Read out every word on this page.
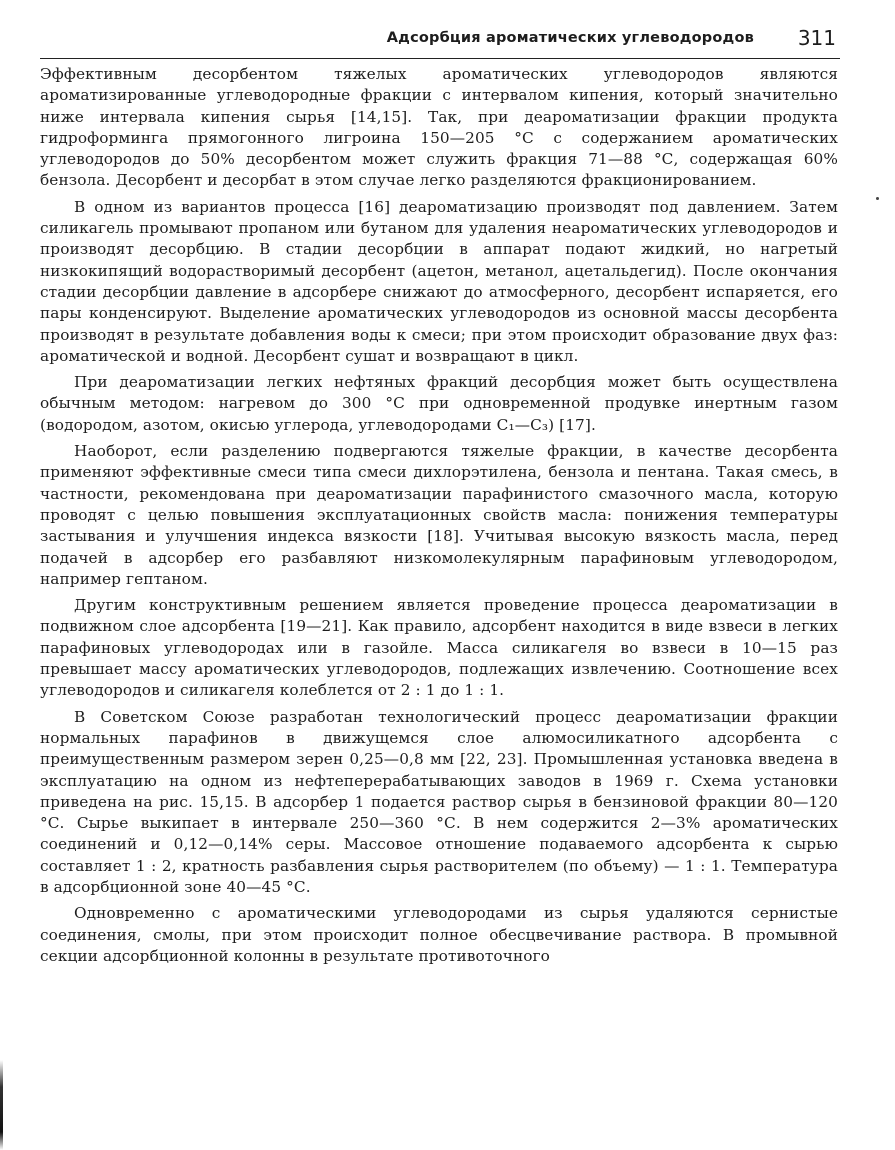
Адсорбция ароматических углеводородов 311

Эффективным десорбентом тяжелых ароматических углеводородов являются ароматизированные углеводородные фракции с интервалом кипения, который значительно ниже интервала кипения сырья [14,15]. Так, при деароматизации фракции продукта гидроформинга прямогонного лигроина 150—205 °С с содержанием ароматических углеводородов до 50% десорбентом может служить фракция 71—88 °С, содержащая 60% бензола. Десорбент и десорбат в этом случае легко разделяются фракционированием.

В одном из вариантов процесса [16] деароматизацию производят под давлением. Затем силикагель промывают пропаном или бутаном для удаления неароматических углеводородов и производят десорбцию. В стадии десорбции в аппарат подают жидкий, но нагретый низкокипящий водорастворимый десорбент (ацетон, метанол, ацетальдегид). После окончания стадии десорбции давление в адсорбере снижают до атмосферного, десорбент испаряется, его пары конденсируют. Выделение ароматических углеводородов из основной массы десорбента производят в результате добавления воды к смеси; при этом происходит образование двух фаз: ароматической и водной. Десорбент сушат и возвращают в цикл.

При деароматизации легких нефтяных фракций десорбция может быть осуществлена обычным методом: нагревом до 300 °С при одновременной продувке инертным газом (водородом, азотом, окисью углерода, углеводородами С₁—С₃) [17].

Наоборот, если разделению подвергаются тяжелые фракции, в качестве десорбента применяют эффективные смеси типа смеси дихлорэтилена, бензола и пентана. Такая смесь, в частности, рекомендована при деароматизации парафинистого смазочного масла, которую проводят с целью повышения эксплуатационных свойств масла: понижения температуры застывания и улучшения индекса вязкости [18]. Учитывая высокую вязкость масла, перед подачей в адсорбер его разбавляют низкомолекулярным парафиновым углеводородом, например гептаном.

Другим конструктивным решением является проведение процесса деароматизации в подвижном слое адсорбента [19—21]. Как правило, адсорбент находится в виде взвеси в легких парафиновых углеводородах или в газойле. Масса силикагеля во взвеси в 10—15 раз превышает массу ароматических углеводородов, подлежащих извлечению. Соотношение всех углеводородов и силикагеля колеблется от 2 : 1 до 1 : 1.

В Советском Союзе разработан технологический процесс деароматизации фракции нормальных парафинов в движущемся слое алюмосиликатного адсорбента с преимущественным размером зерен 0,25—0,8 мм [22, 23]. Промышленная установка введена в эксплуатацию на одном из нефтеперерабатывающих заводов в 1969 г. Схема установки приведена на рис. 15,15. В адсорбер 1 подается раствор сырья в бензиновой фракции 80—120 °С. Сырье выкипает в интервале 250—360 °С. В нем содержится 2—3% ароматических соединений и 0,12—0,14% серы. Массовое отношение подаваемого адсорбента к сырью составляет 1 : 2, кратность разбавления сырья растворителем (по объему) — 1 : 1. Температура в адсорбционной зоне 40—45 °С.

Одновременно с ароматическими углеводородами из сырья удаляются сернистые соединения, смолы, при этом происходит полное обесцвечивание раствора. В промывной секции адсорбционной колонны в результате противоточного
